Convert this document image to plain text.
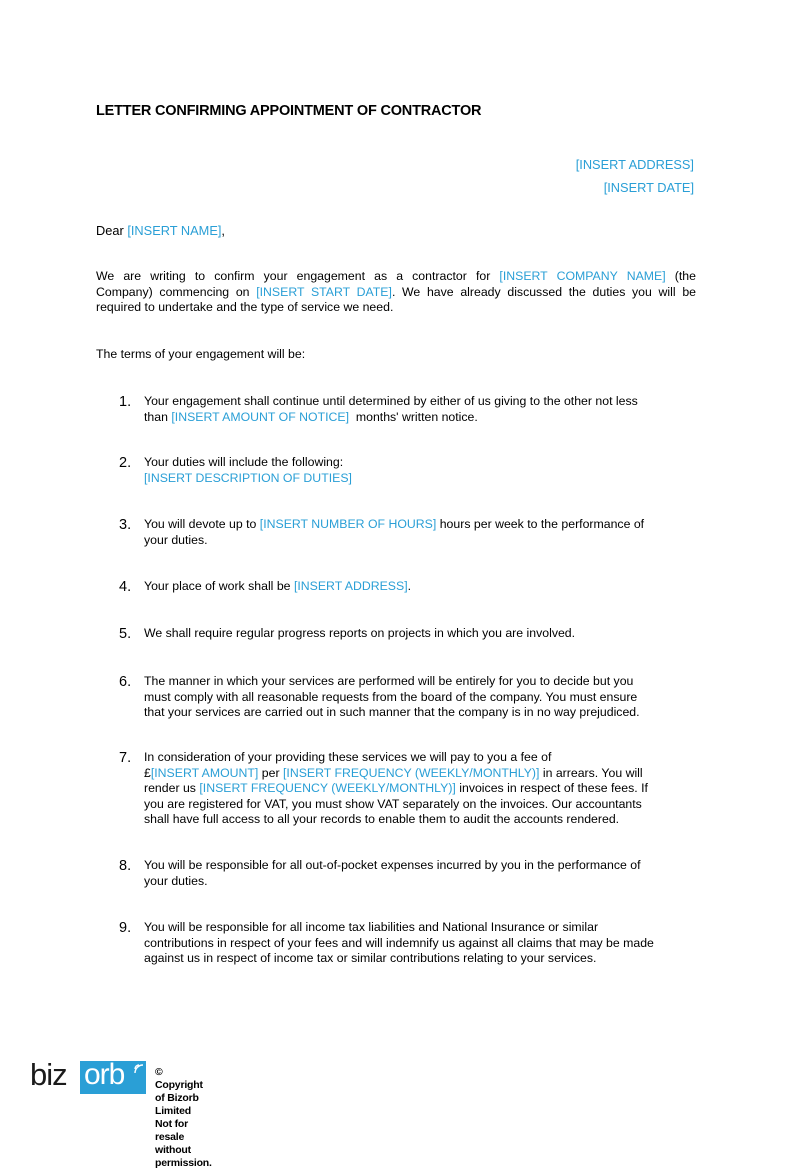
LETTER CONFIRMING APPOINTMENT OF CONTRACTOR
[INSERT ADDRESS]
[INSERT DATE]
Dear [INSERT NAME],
We are writing to confirm your engagement as a contractor for [INSERT COMPANY NAME] (the
Company) commencing on [INSERT START DATE]. We have already discussed the duties you will be
required to undertake and the type of service we need.
The terms of your engagement will be:
1. Your engagement shall continue until determined by either of us giving to the other not less
than [INSERT AMOUNT OF NOTICE] months' written notice.
2. Your duties will include the following:
[INSERT DESCRIPTION OF DUTIES]
3. You will devote up to [INSERT NUMBER OF HOURS] hours per week to the performance of
your duties.
4. Your place of work shall be [INSERT ADDRESS].
5. We shall require regular progress reports on projects in which you are involved.
6. The manner in which your services are performed will be entirely for you to decide but you
must comply with all reasonable requests from the board of the company. You must ensure
that your services are carried out in such manner that the company is in no way prejudiced.
7. In consideration of your providing these services we will pay to you a fee of
£[INSERT AMOUNT] per [INSERT FREQUENCY (WEEKLY/MONTHLY)] in arrears. You will
render us [INSERT FREQUENCY (WEEKLY/MONTHLY)] invoices in respect of these fees. If
you are registered for VAT, you must show VAT separately on the invoices. Our accountants
shall have full access to all your records to enable them to audit the accounts rendered.
8. You will be responsible for all out-of-pocket expenses incurred by you in the performance of
your duties.
9. You will be responsible for all income tax liabilities and National Insurance or similar
contributions in respect of your fees and will indemnify us against all claims that may be made
against us in respect of income tax or similar contributions relating to your services.
biz orb	© Copyright of Bizorb Limited
Not for resale without permission.
